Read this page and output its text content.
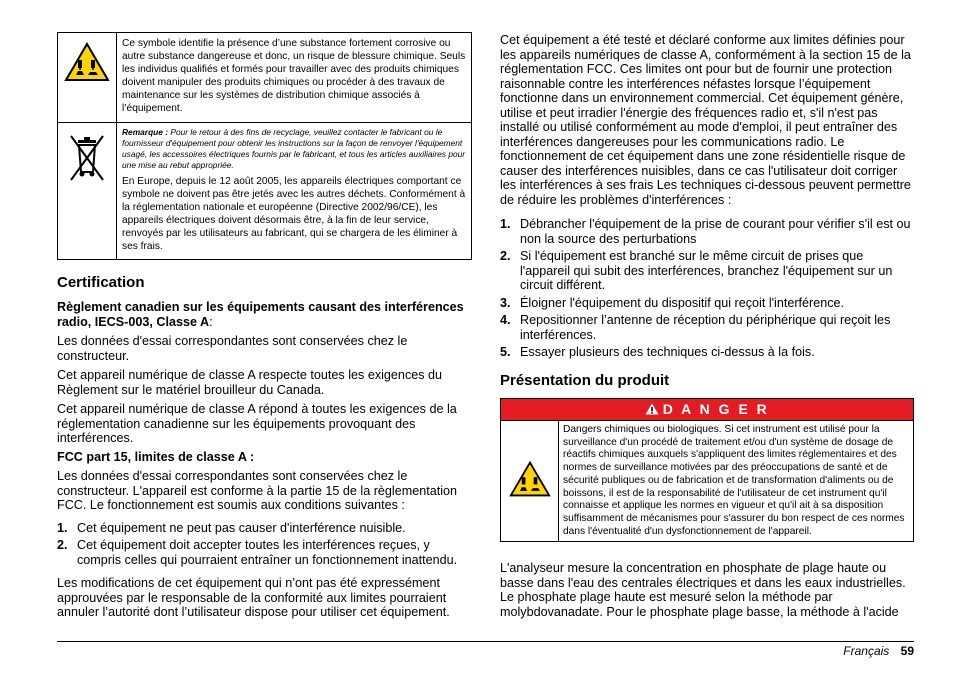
	Ce symbole identifie la présence d’une substance fortement corrosive ou autre substance dangereuse et donc, un risque de blessure chimique. Seuls les individus qualifiés et formés pour travailler avec des produits chimiques doivent manipuler des produits chimiques ou procéder à des travaux de maintenance sur les systèmes de distribution chimique associés à l’équipement.

Remarque : Pour le retour à des fins de recyclage, veuillez contacter le fabricant ou le fournisseur d'équipement pour obtenir les instructions sur la façon de renvoyer l'équipement usagé, les accessoires électriques fournis par le fabricant, et tous les articles auxiliaires pour une mise au rebut appropriée.
En Europe, depuis le 12 août 2005, les appareils électriques comportant ce symbole ne doivent pas être jetés avec les autres déchets. Conformément à la réglementation nationale et européenne (Directive 2002/96/CE), les appareils électriques doivent désormais être, à la fin de leur service, renvoyés par les utilisateurs au fabricant, qui se chargera de les éliminer à ses frais.
Certification

Règlement canadien sur les équipements causant des interférences radio, IECS-003, Classe A:

Les données d'essai correspondantes sont conservées chez le constructeur.

Cet appareil numérique de classe A respecte toutes les exigences du Règlement sur le matériel brouilleur du Canada.

Cet appareil numérique de classe A répond à toutes les exigences de la réglementation canadienne sur les équipements provoquant des interférences.

FCC part 15, limites de classe A :

Les données d'essai correspondantes sont conservées chez le constructeur. L'appareil est conforme à la partie 15 de la règlementation FCC. Le fonctionnement est soumis aux conditions suivantes :

1. Cet équipement ne peut pas causer d'interférence nuisible.
2. Cet équipement doit accepter toutes les interférences reçues, y compris celles qui pourraient entraîner un fonctionnement inattendu.

Les modifications de cet équipement qui n’ont pas été expressément approuvées par le responsable de la conformité aux limites pourraient annuler l’autorité dont l’utilisateur dispose pour utiliser cet équipement.

Cet équipement a été testé et déclaré conforme aux limites définies pour les appareils numériques de classe A, conformément à la section 15 de la réglementation FCC. Ces limites ont pour but de fournir une protection raisonnable contre les interférences néfastes lorsque l’équipement fonctionne dans un environnement commercial. Cet équipement génère, utilise et peut irradier l'énergie des fréquences radio et, s'il n'est pas installé ou utilisé conformément au mode d'emploi, il peut entraîner des interférences dangereuses pour les communications radio. Le fonctionnement de cet équipement dans une zone résidentielle risque de causer des interférences nuisibles, dans ce cas l'utilisateur doit corriger les interférences à ses frais Les techniques ci-dessous peuvent permettre de réduire les problèmes d'interférences :

1. Débrancher l'équipement de la prise de courant pour vérifier s'il est ou non la source des perturbations
2. Si l'équipement est branché sur le même circuit de prises que l'appareil qui subit des interférences, branchez l'équipement sur un circuit différent.
3. Éloigner l'équipement du dispositif qui reçoit l'interférence.
4. Repositionner l’antenne de réception du périphérique qui reçoit les interférences.
5. Essayer plusieurs des techniques ci-dessus à la fois.
Présentation du produit
D A N G E R
	Dangers chimiques ou biologiques. Si cet instrument est utilisé pour la surveillance d'un procédé de traitement et/ou d'un système de dosage de réactifs chimiques auxquels s'appliquent des limites réglementaires et des normes de surveillance motivées par des préoccupations de santé et de sécurité publiques ou de fabrication et de transformation d'aliments ou de boissons, il est de la responsabilité de l'utilisateur de cet instrument qu'il connaisse et applique les normes en vigueur et qu'il ait à sa disposition suffisamment de mécanismes pour s'assurer du bon respect de ces normes dans l'éventualité d'un dysfonctionnement de l'appareil.

L'analyseur mesure la concentration en phosphate de plage haute ou basse dans l'eau des centrales électriques et dans les eaux industrielles. Le phosphate plage haute est mesuré selon la méthode par molybdovanadate. Pour le phosphate plage basse, la méthode à l'acide

Français 59
